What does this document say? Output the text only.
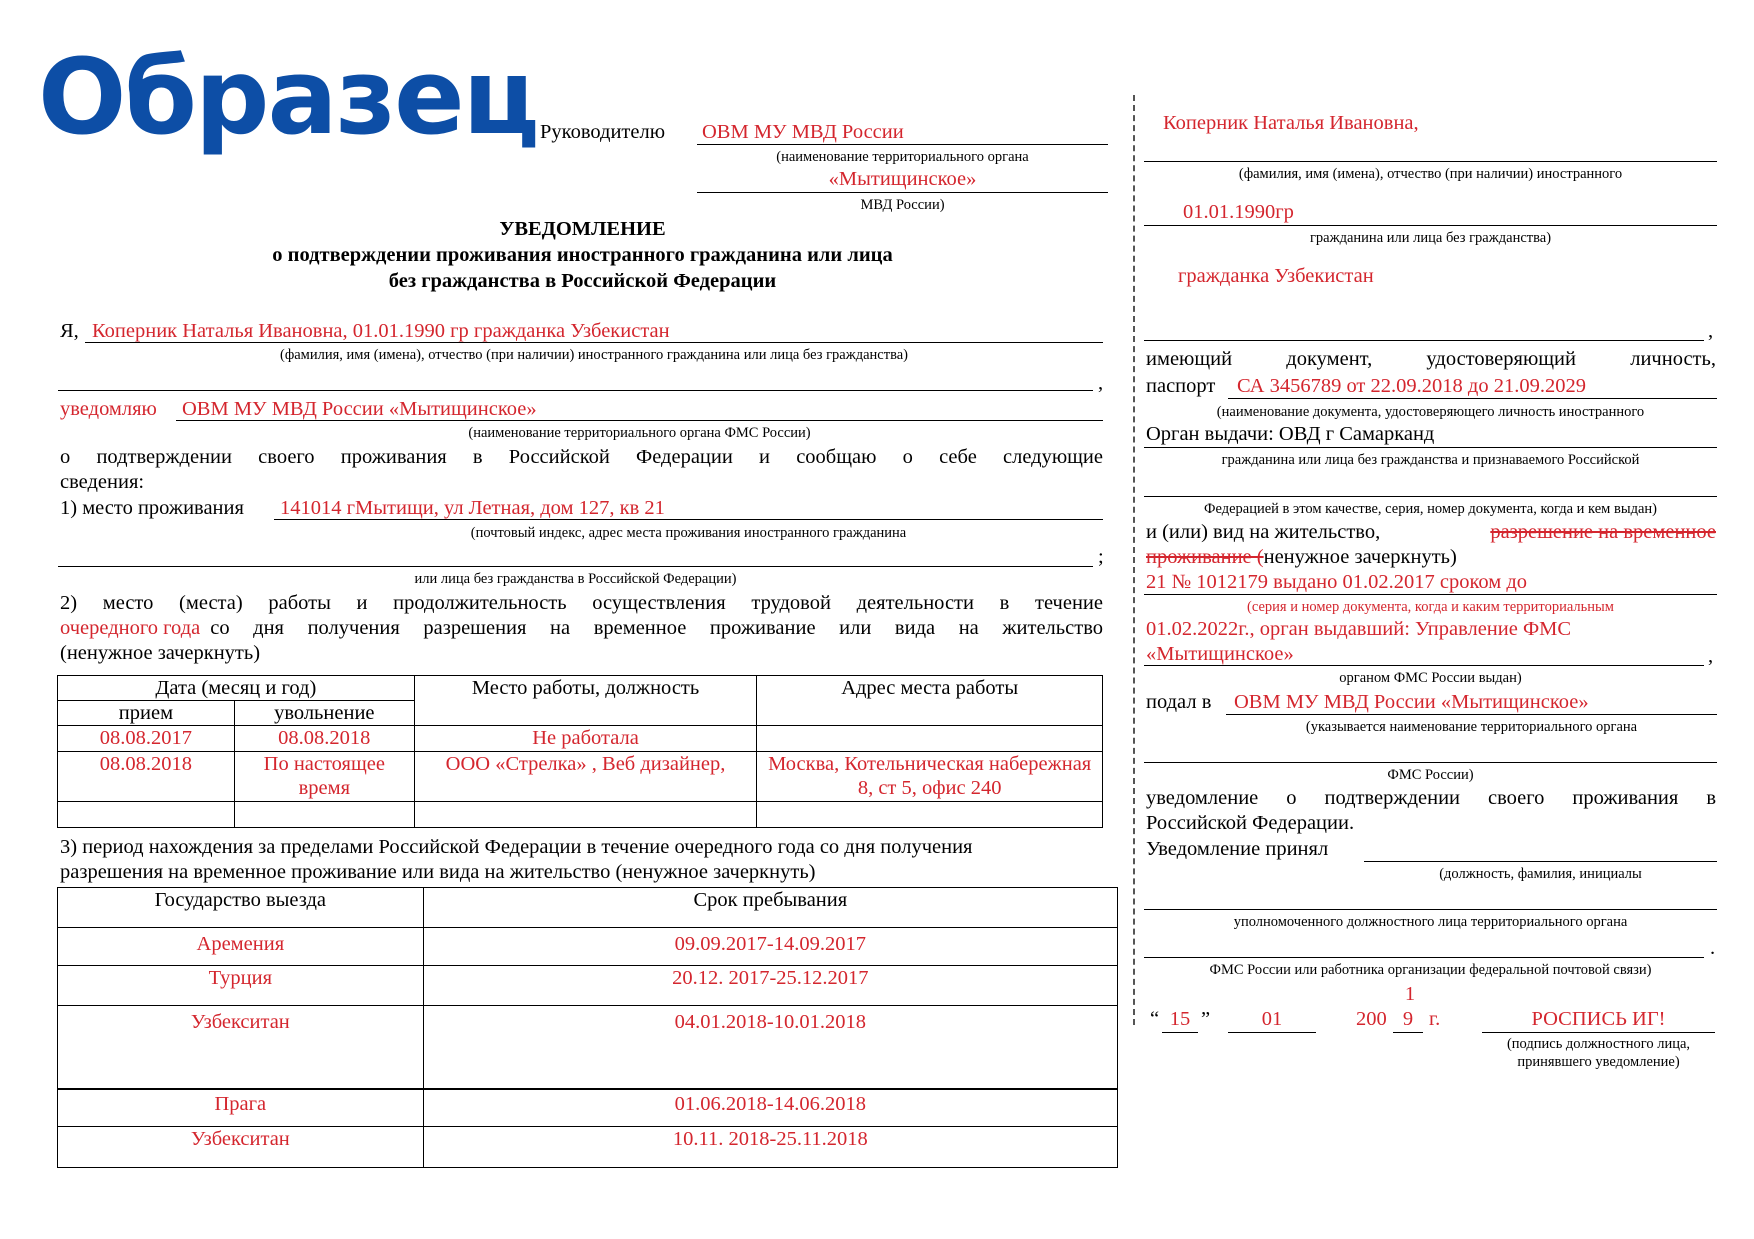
Образец Руководителю ОВМ МУ МВД России
(наименование территориального органа
«Мытищинское»
МВД России)
УВЕДОМЛЕНИЕ
о подтверждении проживания иностранного гражданина или лица
без гражданства в Российской Федерации
Я, Коперник Наталья Ивановна, 01.01.1990 гр гражданка Узбекистан
(фамилия, имя (имена), отчество (при наличии) иностранного гражданина или лица без гражданства)
,
уведомляю ОВМ МУ МВД России «Мытищинское»
(наименование территориального органа ФМС России)
о подтверждении своего проживания в Российской Федерации и сообщаю о себе следующие
сведения:
1) место проживания 141014 гМытищи, ул Летная, дом 127, кв 21
(почтовый индекс, адрес места проживания иностранного гражданина
;
или лица без гражданства в Российской Федерации)
2) место (места) работы и продолжительность осуществления трудовой деятельности в течение
очередного года со дня получения разрешения на временное проживание или вида на жительство
(ненужное зачеркнуть)
Дата (месяц и год)		Место работы, должность	Адрес места работы
прием	увольнение		
08.08.2017	08.08.2018	Не работала	
08.08.2018	По настоящее время	ООО «Стрелка» , Веб дизайнер,	Москва, Котельническая набережная 8, ст 5, офис 240

3) период нахождения за пределами Российской Федерации в течение очередного года со дня получения
разрешения на временное проживание или вида на жительство (ненужное зачеркнуть)
Государство выезда	Срок пребывания
Аремения	09.09.2017-14.09.2017
Турция	20.12. 2017-25.12.2017
Узбекситан	04.01.2018-10.01.2018
Прага	01.06.2018-14.06.2018
Узбекситан	10.11. 2018-25.11.2018
Коперник Наталья Ивановна,
(фамилия, имя (имена), отчество (при наличии) иностранного
01.01.1990гр
гражданина или лица без гражданства)
гражданка Узбекистан
,
имеющий документ, удостоверяющий личность,
паспорт СА 3456789 от 22.09.2018 до 21.09.2029
(наименование документа, удостоверяющего личность иностранного
Орган выдачи: ОВД г Самарканд
гражданина или лица без гражданства и признаваемого Российской
Федерацией в этом качестве, серия, номер документа, когда и кем выдан)
и (или) вид на жительство,	разрешение на временное
проживание (ненужное зачеркнуть)
21 № 1012179 выдано 01.02.2017 сроком до
(серия и номер документа, когда и каким территориальным
01.02.2022г., орган выдавший: Управление ФМС
«Мытищинское»	,
органом ФМС России выдан)
подал в ОВМ МУ МВД России «Мытищинское»
(указывается наименование территориального органа
ФМС России)
уведомление о подтверждении своего проживания в
Российской Федерации.
Уведомление принял
(должность, фамилия, инициалы
уполномоченного должностного лица территориального органа
.
ФМС России или работника организации федеральной почтовой связи)
“ 15 ”	01	200 9
1
г.	РОСПИСЬ ИГ!
(подпись должностного лица,
принявшего уведомление)
